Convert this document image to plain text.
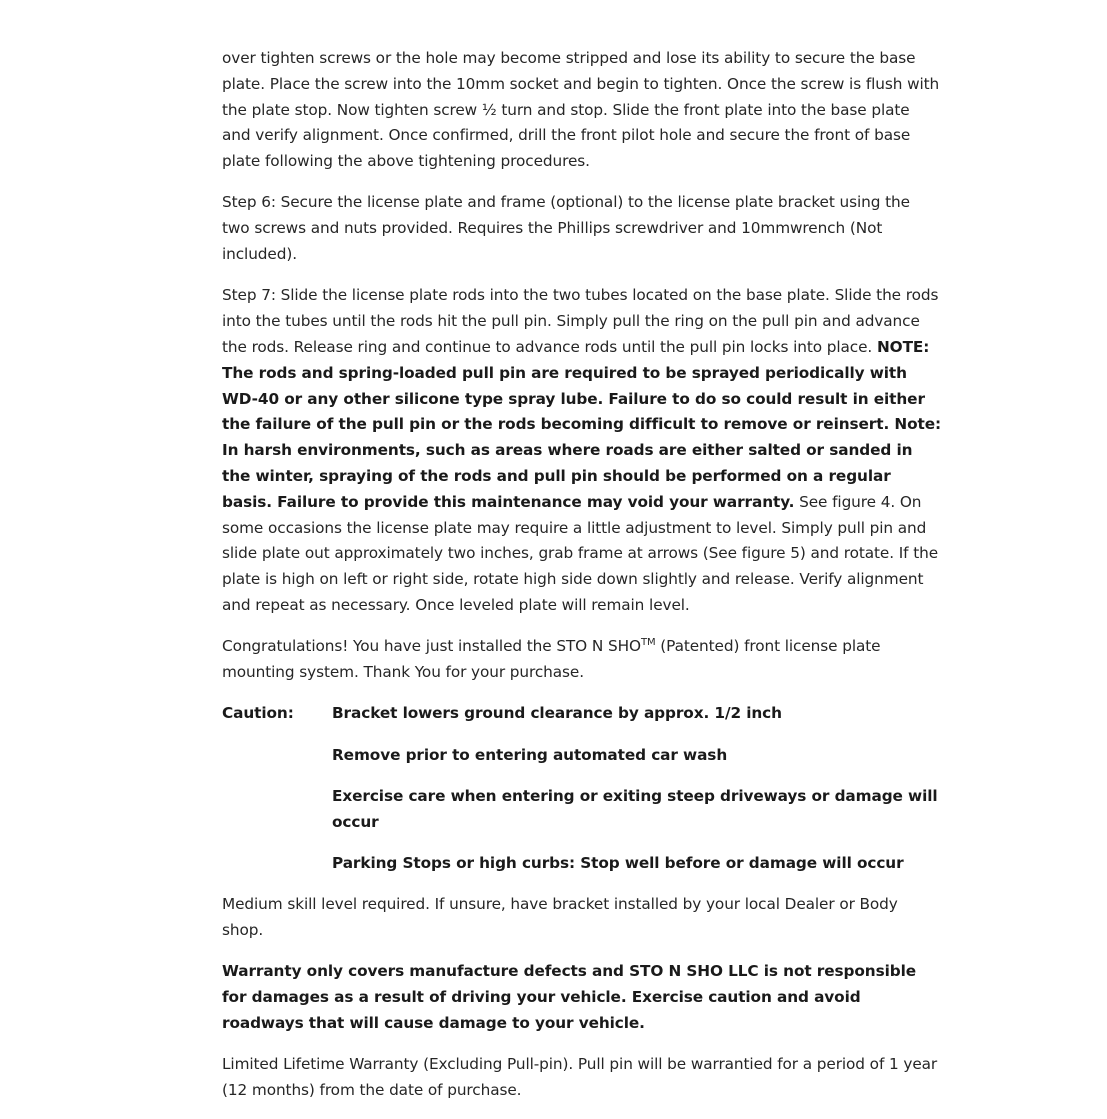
over tighten screws or the hole may become stripped and lose its ability to secure the base plate. Place the screw into the 10mm socket and begin to tighten. Once the screw is flush with the plate stop. Now tighten screw ½ turn and stop. Slide the front plate into the base plate and verify alignment. Once confirmed, drill the front pilot hole and secure the front of base plate following the above tightening procedures.

Step 6: Secure the license plate and frame (optional) to the license plate bracket using the two screws and nuts provided. Requires the Phillips screwdriver and 10mmwrench (Not included).

Step 7: Slide the license plate rods into the two tubes located on the base plate. Slide the rods into the tubes until the rods hit the pull pin. Simply pull the ring on the pull pin and advance the rods. Release ring and continue to advance rods until the pull pin locks into place. NOTE: The rods and spring-loaded pull pin are required to be sprayed periodically with WD-40 or any other silicone type spray lube. Failure to do so could result in either the failure of the pull pin or the rods becoming difficult to remove or reinsert. Note: In harsh environments, such as areas where roads are either salted or sanded in the winter, spraying of the rods and pull pin should be performed on a regular basis. Failure to provide this maintenance may void your warranty. See figure 4. On some occasions the license plate may require a little adjustment to level. Simply pull pin and slide plate out approximately two inches, grab frame at arrows (See figure 5) and rotate. If the plate is high on left or right side, rotate high side down slightly and release. Verify alignment and repeat as necessary. Once leveled plate will remain level.

Congratulations! You have just installed the STO N SHO™ (Patented) front license plate mounting system. Thank You for your purchase.

Caution:	Bracket lowers ground clearance by approx. 1/2 inch
Remove prior to entering automated car wash
Exercise care when entering or exiting steep driveways or damage will occur
Parking Stops or high curbs: Stop well before or damage will occur

Medium skill level required. If unsure, have bracket installed by your local Dealer or Body shop.

Warranty only covers manufacture defects and STO N SHO LLC is not responsible for damages as a result of driving your vehicle. Exercise caution and avoid roadways that will cause damage to your vehicle.

Limited Lifetime Warranty (Excluding Pull-pin). Pull pin will be warrantied for a period of 1 year (12 months) from the date of purchase.
